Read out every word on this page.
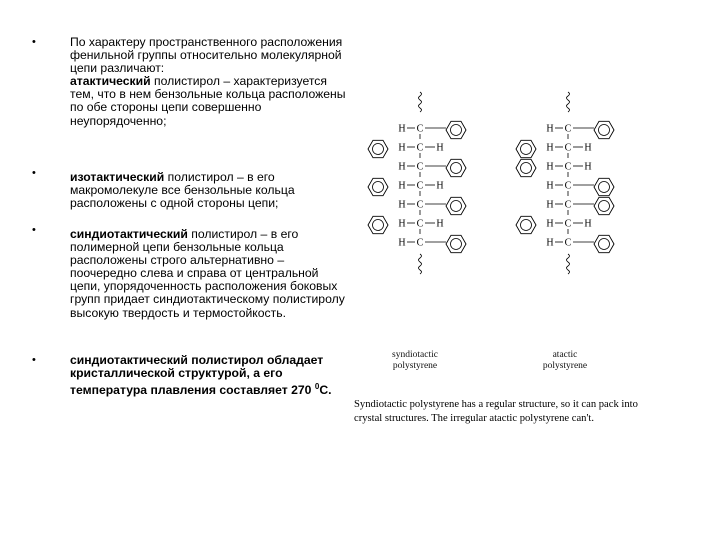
•	По характеру пространственного расположения фенильной группы относительно молекулярной цепи различают:
атактический полистирол – характеризуется тем, что в нем бензольные кольца расположены по обе стороны цепи совершенно неупорядоченно;
•	изотактический полистирол – в его макромолекуле все бензольные кольца расположены с одной стороны цепи;
•	синдиотактический полистирол – в его полимерной цепи бензольные кольца расположены строго альтернативно – поочередно слева и справа от центральной цепи, упорядоченность расположения боковых групп придает синдиотактическому полистиролу высокую твердость и термостойкость.
•	синдиотактический полистирол обладает кристаллической структурой, а его температура плавления составляет 270 $^0$С.
C
H
C
H	H
C
H
C
H	H
C
H
C
H	H
C
H
C
H
C
H	H
C
H	H
C
H
C
H
C
H	H
C
H
syndiotactic
polystyrene
atactic
polystyrene
Syndiotactic polystyrene has a regular structure, so it can pack into crystal structures. The irregular atactic polystyrene can't.
